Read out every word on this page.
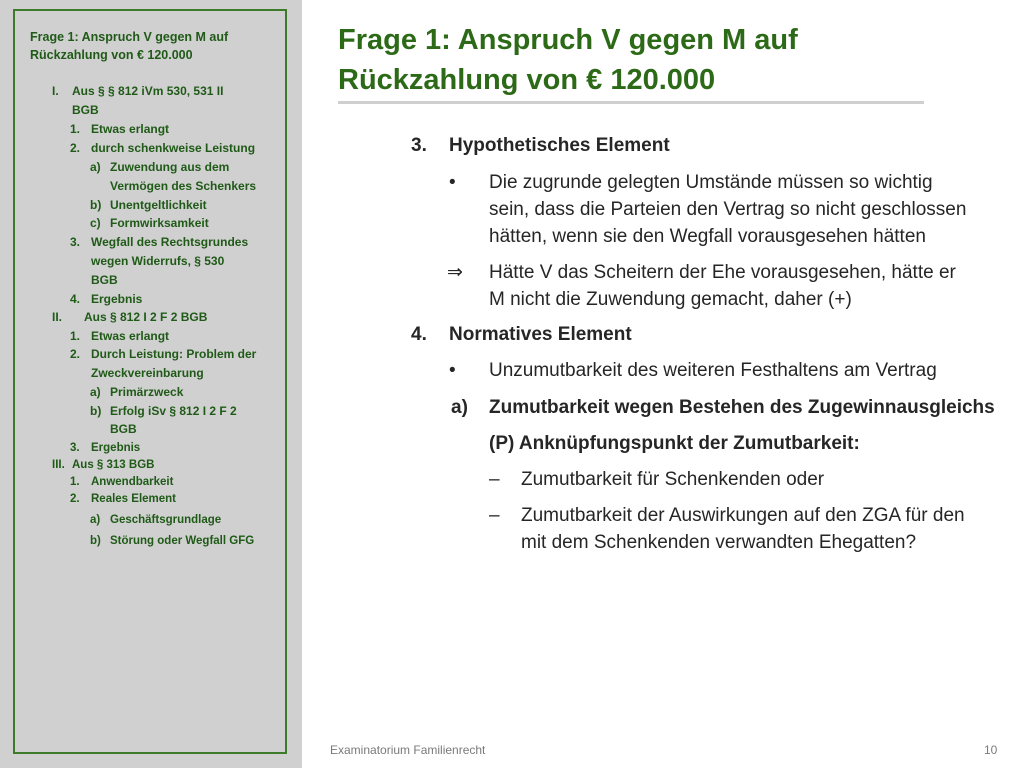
Frage 1: Anspruch V gegen M auf
Rückzahlung von € 120.000
I. Aus § § 812 iVm 530, 531 II
BGB
1. Etwas erlangt
2. durch schenkweise Leistung
a) Zuwendung aus dem
Vermögen des Schenkers
b) Unentgeltlichkeit
c) Formwirksamkeit
3. Wegfall des Rechtsgrundes
wegen Widerrufs, § 530
BGB
4. Ergebnis
II. Aus § 812 I 2 F 2 BGB
1. Etwas erlangt
2. Durch Leistung: Problem der
Zweckvereinbarung
a) Primärzweck
b) Erfolg iSv § 812 I 2 F 2
BGB
3. Ergebnis
III. Aus § 313 BGB
1. Anwendbarkeit
2. Reales Element
a) Geschäftsgrundlage
b) Störung oder Wegfall GFG
Frage 1: Anspruch V gegen M auf
Rückzahlung von € 120.000
3. Hypothetisches Element
• Die zugrunde gelegten Umstände müssen so wichtig
sein, dass die Parteien den Vertrag so nicht geschlossen
hätten, wenn sie den Wegfall vorausgesehen hätten
⇒ Hätte V das Scheitern der Ehe vorausgesehen, hätte er
M nicht die Zuwendung gemacht, daher (+)
4. Normatives Element
• Unzumutbarkeit des weiteren Festhaltens am Vertrag
a) Zumutbarkeit wegen Bestehen des Zugewinnausgleichs
(P) Anknüpfungspunkt der Zumutbarkeit:
– Zumutbarkeit für Schenkenden oder
– Zumutbarkeit der Auswirkungen auf den ZGA für den
mit dem Schenkenden verwandten Ehegatten?
Examinatorium Familienrecht	10
